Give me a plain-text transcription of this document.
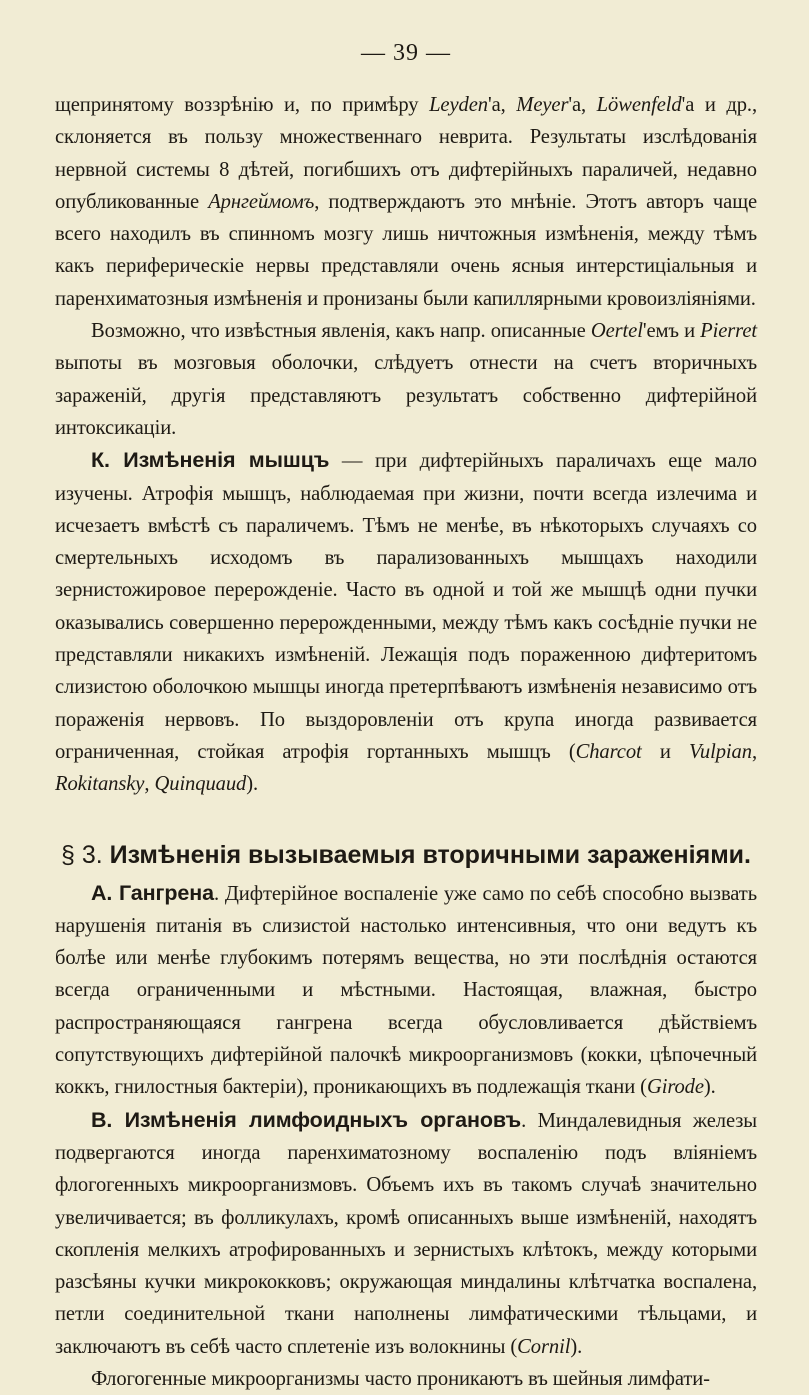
— 39 —

щепринятому воззрѣнію и, по примѣру Leyden'а, Meyer'а, Löwenfeld'а и др., склоняется въ пользу множественнаго неврита. Результаты изслѣдованія нервной системы 8 дѣтей, погибшихъ отъ дифтерійныхъ параличей, недавно опубликованные Арнгеймомъ, подтверждаютъ это мнѣніе. Этотъ авторъ чаще всего находилъ въ спинномъ мозгу лишь ничтожныя измѣненія, между тѣмъ какъ периферическіе нервы представляли очень ясныя интерстиціальныя и паренхиматозныя измѣненія и пронизаны были капиллярными кровоизліяніями.

Возможно, что извѣстныя явленія, какъ напр. описанные Oertel'емъ и Pierret выпоты въ мозговыя оболочки, слѣдуетъ отнести на счетъ вторичныхъ зараженій, другія представляютъ результатъ собственно дифтерійной интоксикаціи.

К. Измѣненія мышцъ — при дифтерійныхъ параличахъ еще мало изучены. Атрофія мышцъ, наблюдаемая при жизни, почти всегда излечима и исчезаетъ вмѣстѣ съ параличемъ. Тѣмъ не менѣе, въ нѣкоторыхъ случаяхъ со смертельныхъ исходомъ въ парализованныхъ мышцахъ находили зернистожировое перерожденіе. Часто въ одной и той же мышцѣ одни пучки оказывались совершенно перерожденными, между тѣмъ какъ сосѣдніе пучки не представляли никакихъ измѣненій. Лежащія подъ пораженною дифтеритомъ слизистою оболочкою мышцы иногда претерпѣваютъ измѣненія независимо отъ пораженія нервовъ. По выздоровленіи отъ крупа иногда развивается ограниченная, стойкая атрофія гортанныхъ мышцъ (Charcot и Vulpian, Rokitansky, Quinquaud).

§ 3. Измѣненія вызываемыя вторичными зараженіями.

А. Гангрена. Дифтерійное воспаленіе уже само по себѣ способно вызвать нарушенія питанія въ слизистой настолько интенсивныя, что они ведутъ къ болѣе или менѣе глубокимъ потерямъ вещества, но эти послѣднія остаются всегда ограниченными и мѣстными. Настоящая, влажная, быстро распространяющаяся гангрена всегда обусловливается дѣйствіемъ сопутствующихъ дифтерійной палочкѣ микроорганизмовъ (кокки, цѣпочечный коккъ, гнилостныя бактеріи), проникающихъ въ подлежащія ткани (Girode).

В. Измѣненія лимфоидныхъ органовъ. Миндалевидныя железы подвергаются иногда паренхиматозному воспаленію подъ вліяніемъ флогогенныхъ микроорганизмовъ. Объемъ ихъ въ такомъ случаѣ значительно увеличивается; въ фолликулахъ, кромѣ описанныхъ выше измѣненій, находятъ скопленія мелкихъ атрофированныхъ и зернистыхъ клѣтокъ, между которыми разсѣяны кучки микрококковъ; окружающая миндалины клѣтчатка воспалена, петли соединительной ткани наполнены лимфатическими тѣльцами, и заключаютъ въ себѣ часто сплетеніе изъ волокнины (Cornil).

Флогогенные микроорганизмы часто проникаютъ въ шейныя лимфати-
